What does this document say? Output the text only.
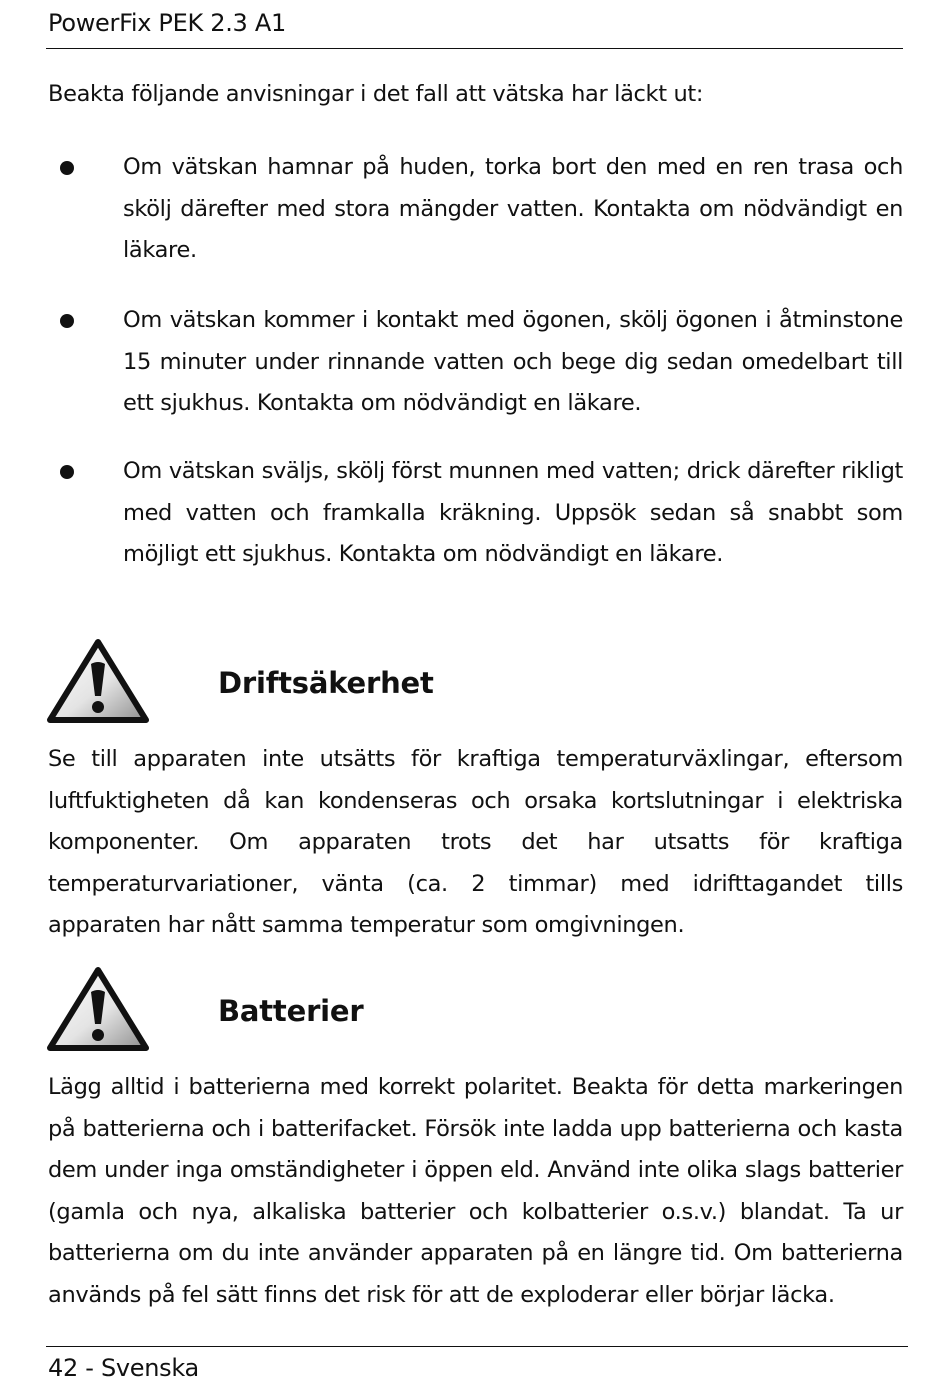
PowerFix PEK 2.3 A1
Beakta följande anvisningar i det fall att vätska har läckt ut:
Om vätskan hamnar på huden, torka bort den med en ren trasa och skölj därefter med stora mängder vatten. Kontakta om nödvändigt en läkare.
Om vätskan kommer i kontakt med ögonen, skölj ögonen i åtminstone 15 minuter under rinnande vatten och bege dig sedan omedelbart till ett sjukhus. Kontakta om nödvändigt en läkare.
Om vätskan sväljs, skölj först munnen med vatten; drick därefter rikligt med vatten och framkalla kräkning. Uppsök sedan så snabbt som möjligt ett sjukhus. Kontakta om nödvändigt en läkare.
Driftsäkerhet
Se till apparaten inte utsätts för kraftiga temperaturväxlingar, eftersom luftfuktigheten då kan kondenseras och orsaka kortslutningar i elektriska komponenter. Om apparaten trots det har utsatts för kraftiga temperaturvariationer, vänta (ca. 2 timmar) med idrifttagandet tills apparaten har nått samma temperatur som omgivningen.
Batterier
Lägg alltid i batterierna med korrekt polaritet. Beakta för detta markeringen på batterierna och i batterifacket. Försök inte ladda upp batterierna och kasta dem under inga omständigheter i öppen eld. Använd inte olika slags batterier (gamla och nya, alkaliska batterier och kolbatterier o.s.v.) blandat. Ta ur batterierna om du inte använder apparaten på en längre tid. Om batterierna används på fel sätt finns det risk för att de exploderar eller börjar läcka.
42 - Svenska
